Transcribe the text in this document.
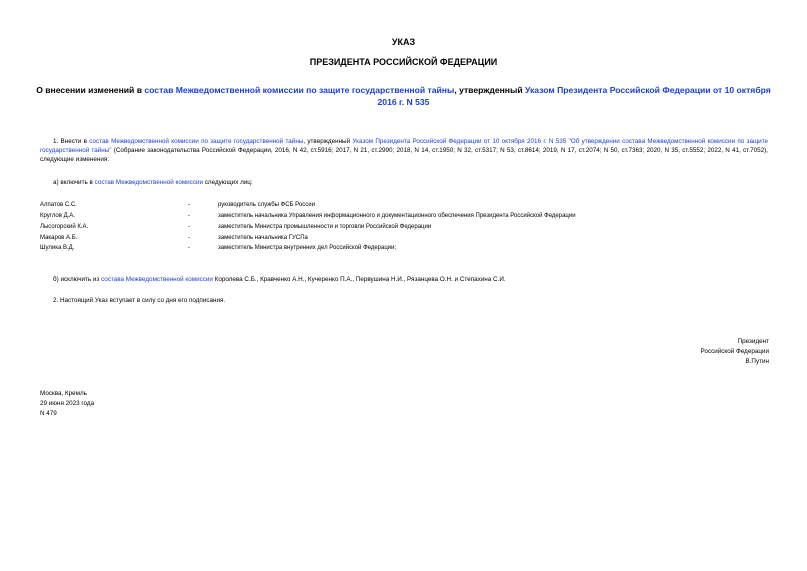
УКАЗ
ПРЕЗИДЕНТА РОССИЙСКОЙ ФЕДЕРАЦИИ
О внесении изменений в состав Межведомственной комиссии по защите государственной тайны, утвержденный Указом Президента Российской Федерации от 10 октября 2016 г. N 535
1. Внести в состав Межведомственной комиссии по защите государственной тайны, утвержденный Указом Президента Российской Федерации от 10 октября 2016 г. N 535 "Об утверждении состава Межведомственной комиссии по защите государственной тайны" (Собрание законодательства Российской Федерации, 2016, N 42, ст.5916; 2017, N 21, ст.2990; 2018, N 14, ст.1950; N 32, ст.5317; N 53, ст.8614; 2019, N 17, ст.2074; N 50, ст.7363; 2020, N 35, ст.5552; 2022, N 41, ст.7052), следующие изменения:
а) включить в состав Межведомственной комиссии следующих лиц:
Алпатов С.С.	-	руководитель службы ФСБ России
Круглов Д.А.	-	заместитель начальника Управления информационного и документационного обеспечения Президента Российской Федерации
Лысогорский К.А.	-	заместитель Министра промышленности и торговли Российской Федерации
Макаров А.Б.	-	заместитель начальника ГУСПа
Шулика В.Д.	-	заместитель Министра внутренних дел Российской Федерации;
б) исключить из состава Межведомственной комиссии Королева С.Б., Кравченко А.Н., Кучеренко П.А., Первушина Н.И., Рязанцева О.Н. и Степахина С.И.
2. Настоящий Указ вступает в силу со дня его подписания.
Президент
Российской Федерации
В.Путин
Москва, Кремль
29 июня 2023 года
N 479
